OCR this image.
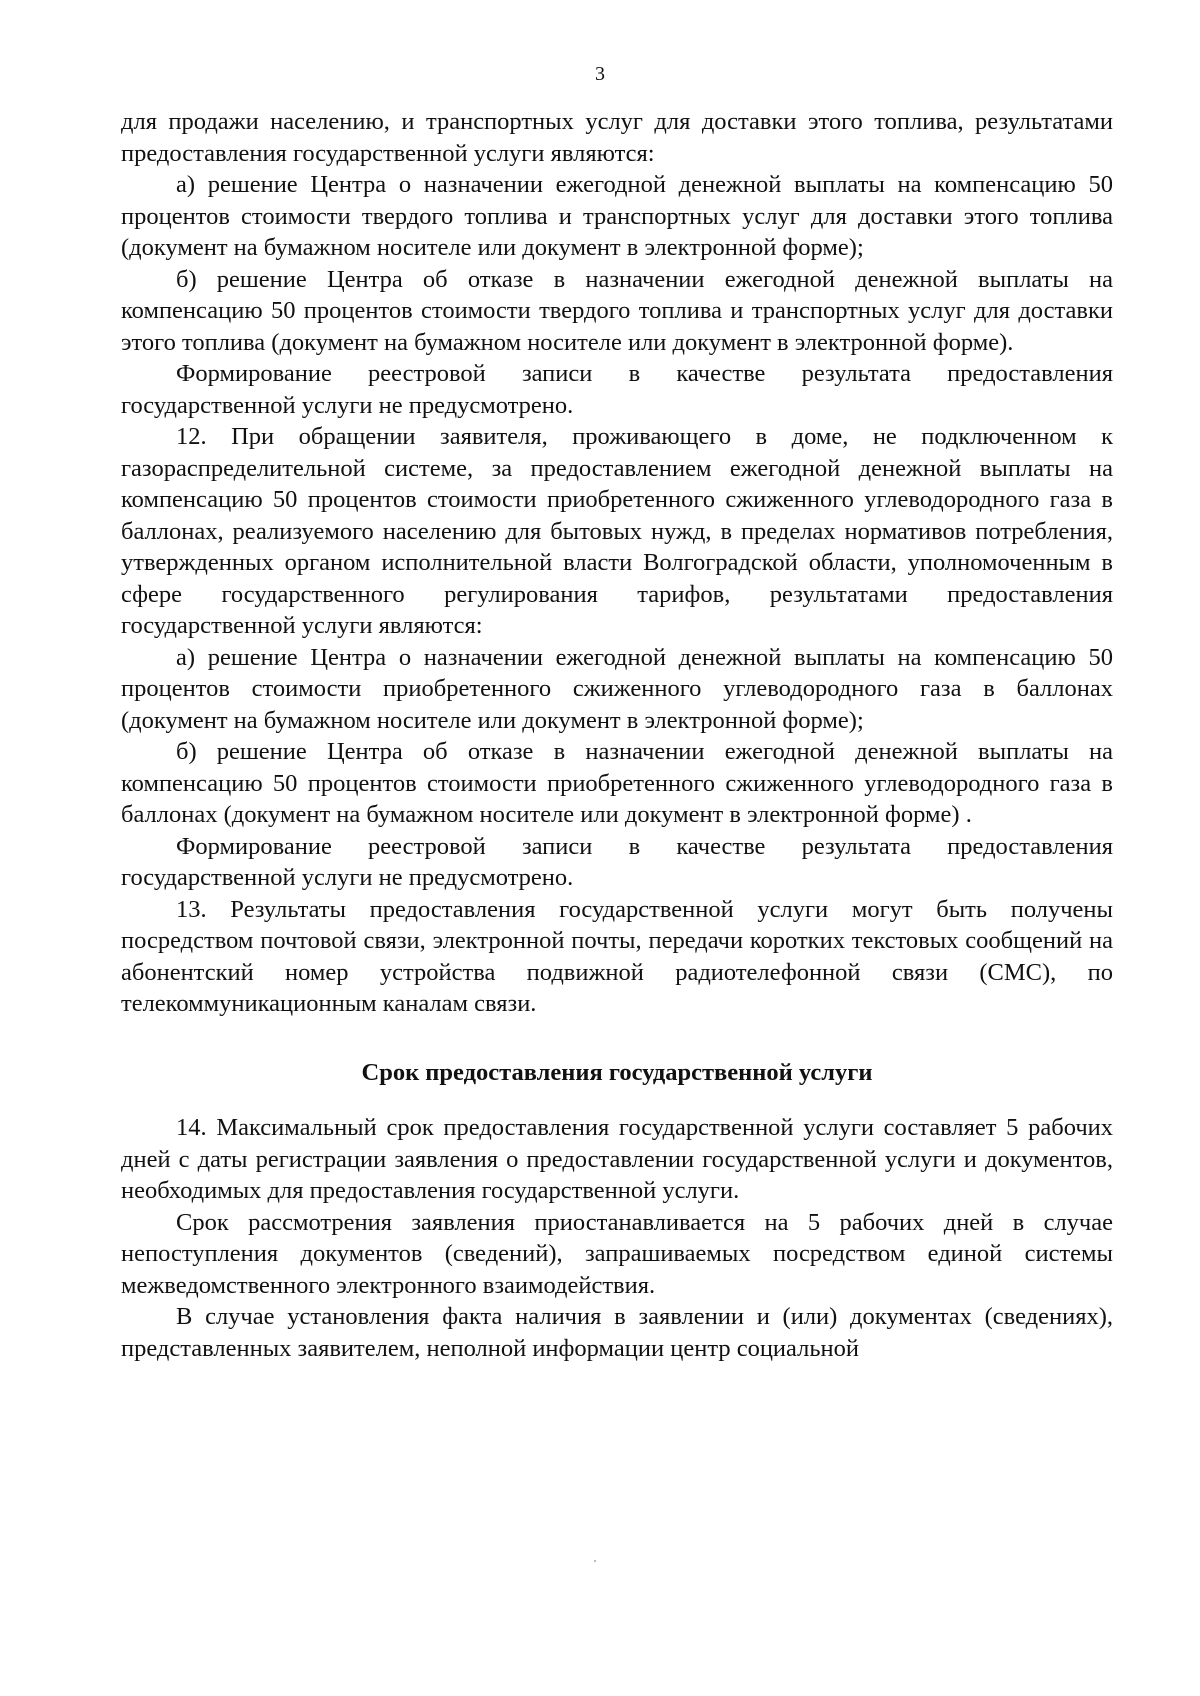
3

для продажи населению, и транспортных услуг для доставки этого топлива, результатами предоставления государственной услуги являются:

а) решение Центра о назначении ежегодной денежной выплаты на компенсацию 50 процентов стоимости твердого топлива и транспортных услуг для доставки этого топлива (документ на бумажном носителе или документ в электронной форме);

б) решение Центра об отказе в назначении ежегодной денежной выплаты на компенсацию 50 процентов стоимости твердого топлива и транспортных услуг для доставки этого топлива (документ на бумажном носителе или документ в электронной форме).

Формирование реестровой записи в качестве результата предоставления государственной услуги не предусмотрено.

12. При обращении заявителя, проживающего в доме, не подключенном к газораспределительной системе, за предоставлением ежегодной денежной выплаты на компенсацию 50 процентов стоимости приобретенного сжиженного углеводородного газа в баллонах, реализуемого населению для бытовых нужд, в пределах нормативов потребления, утвержденных органом исполнительной власти Волгоградской области, уполномоченным в сфере государственного регулирования тарифов, результатами предоставления государственной услуги являются:

а) решение Центра о назначении ежегодной денежной выплаты на компенсацию 50 процентов стоимости приобретенного сжиженного углеводородного газа в баллонах (документ на бумажном носителе или документ в электронной форме);

б) решение Центра об отказе в назначении ежегодной денежной выплаты на компенсацию 50 процентов стоимости приобретенного сжиженного углеводородного газа в баллонах (документ на бумажном носителе или документ в электронной форме) .

Формирование реестровой записи в качестве результата предоставления государственной услуги не предусмотрено.

13. Результаты предоставления государственной услуги могут быть получены посредством почтовой связи, электронной почты, передачи коротких текстовых сообщений на абонентский номер устройства подвижной радиотелефонной связи (СМС), по телекоммуникационным каналам связи.

Срок предоставления государственной услуги

14. Максимальный срок предоставления государственной услуги составляет 5 рабочих дней с даты регистрации заявления о предоставлении государственной услуги и документов, необходимых для предоставления государственной услуги.

Срок рассмотрения заявления приостанавливается на 5 рабочих дней в случае непоступления документов (сведений), запрашиваемых посредством единой системы межведомственного электронного взаимодействия.

В случае установления факта наличия в заявлении и (или) документах (сведениях), представленных заявителем, неполной информации центр социальной
